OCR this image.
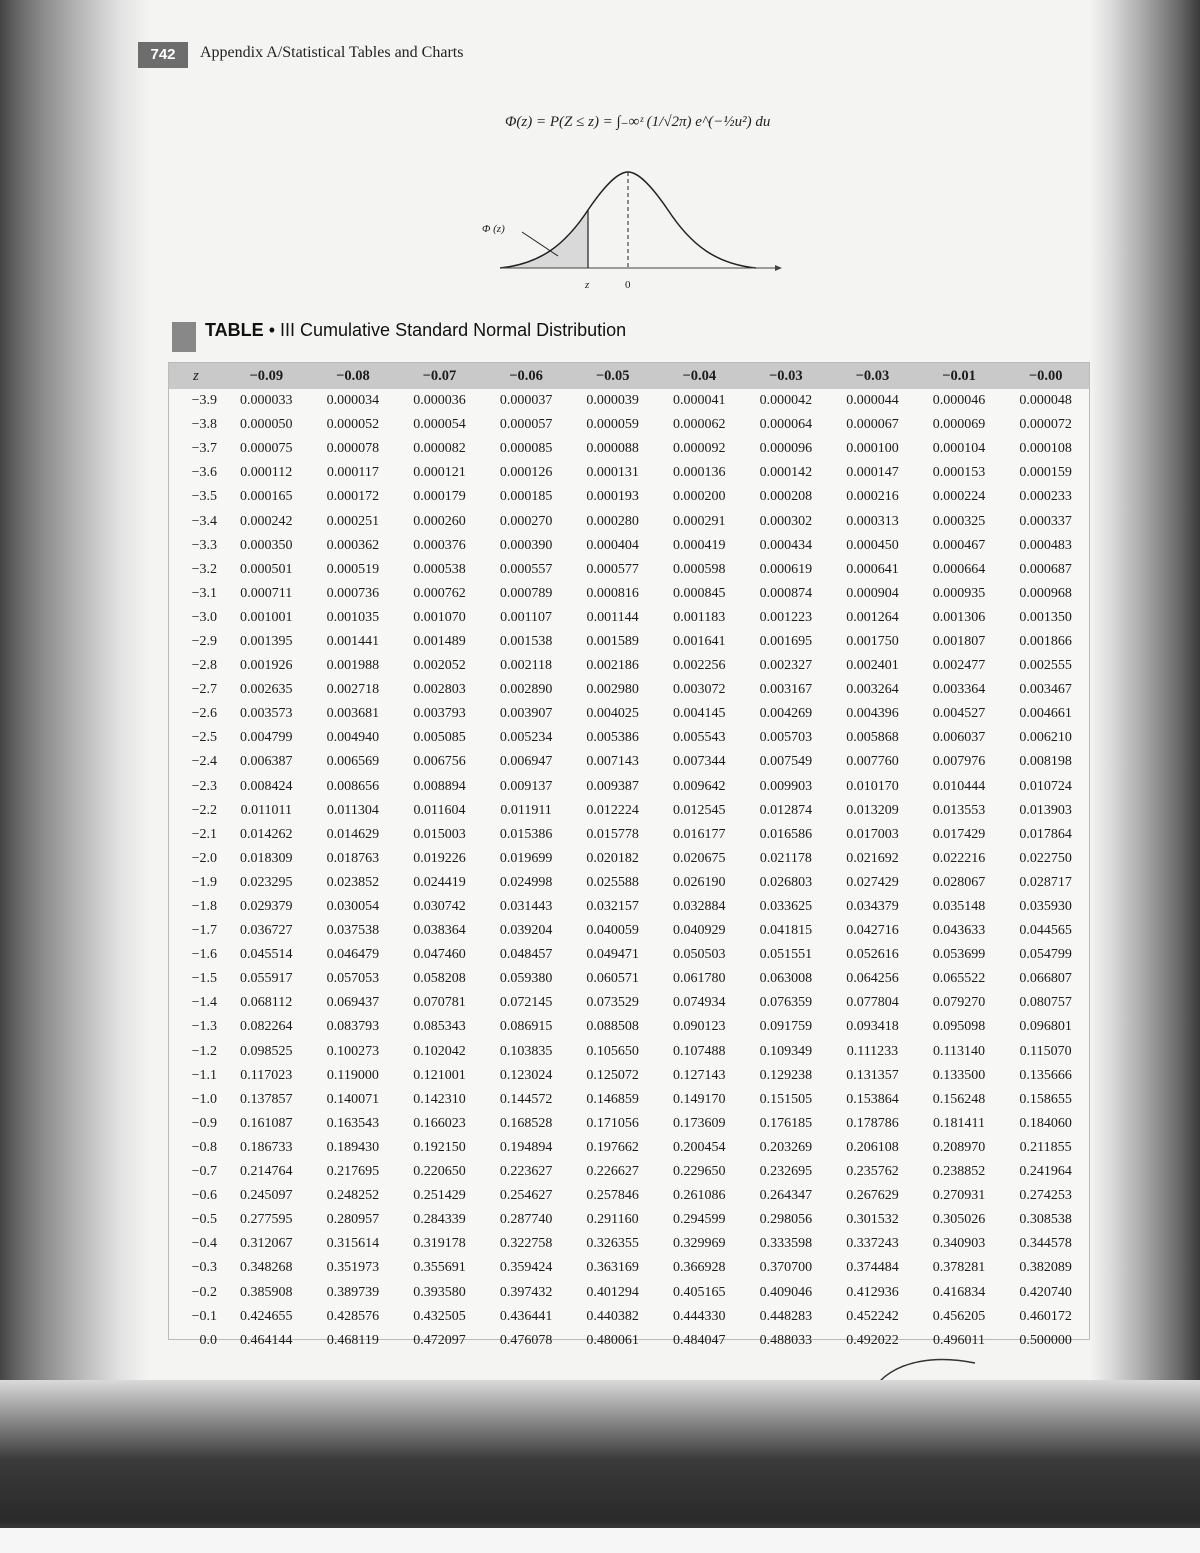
742	Appendix A/Statistical Tables and Charts
Φ(z) = P(Z ≤ z) = ∫₋∞ᶻ (1/√2π) e^(−½u²) du
Φ (z)
z	0
TABLE • III Cumulative Standard Normal Distribution
z	−0.09	−0.08	−0.07	−0.06	−0.05	−0.04	−0.03	−0.03	−0.01	−0.00
−3.9	0.000033	0.000034	0.000036	0.000037	0.000039	0.000041	0.000042	0.000044	0.000046	0.000048
−3.8	0.000050	0.000052	0.000054	0.000057	0.000059	0.000062	0.000064	0.000067	0.000069	0.000072
−3.7	0.000075	0.000078	0.000082	0.000085	0.000088	0.000092	0.000096	0.000100	0.000104	0.000108
−3.6	0.000112	0.000117	0.000121	0.000126	0.000131	0.000136	0.000142	0.000147	0.000153	0.000159
−3.5	0.000165	0.000172	0.000179	0.000185	0.000193	0.000200	0.000208	0.000216	0.000224	0.000233
−3.4	0.000242	0.000251	0.000260	0.000270	0.000280	0.000291	0.000302	0.000313	0.000325	0.000337
−3.3	0.000350	0.000362	0.000376	0.000390	0.000404	0.000419	0.000434	0.000450	0.000467	0.000483
−3.2	0.000501	0.000519	0.000538	0.000557	0.000577	0.000598	0.000619	0.000641	0.000664	0.000687
−3.1	0.000711	0.000736	0.000762	0.000789	0.000816	0.000845	0.000874	0.000904	0.000935	0.000968
−3.0	0.001001	0.001035	0.001070	0.001107	0.001144	0.001183	0.001223	0.001264	0.001306	0.001350
−2.9	0.001395	0.001441	0.001489	0.001538	0.001589	0.001641	0.001695	0.001750	0.001807	0.001866
−2.8	0.001926	0.001988	0.002052	0.002118	0.002186	0.002256	0.002327	0.002401	0.002477	0.002555
−2.7	0.002635	0.002718	0.002803	0.002890	0.002980	0.003072	0.003167	0.003264	0.003364	0.003467
−2.6	0.003573	0.003681	0.003793	0.003907	0.004025	0.004145	0.004269	0.004396	0.004527	0.004661
−2.5	0.004799	0.004940	0.005085	0.005234	0.005386	0.005543	0.005703	0.005868	0.006037	0.006210
−2.4	0.006387	0.006569	0.006756	0.006947	0.007143	0.007344	0.007549	0.007760	0.007976	0.008198
−2.3	0.008424	0.008656	0.008894	0.009137	0.009387	0.009642	0.009903	0.010170	0.010444	0.010724
−2.2	0.011011	0.011304	0.011604	0.011911	0.012224	0.012545	0.012874	0.013209	0.013553	0.013903
−2.1	0.014262	0.014629	0.015003	0.015386	0.015778	0.016177	0.016586	0.017003	0.017429	0.017864
−2.0	0.018309	0.018763	0.019226	0.019699	0.020182	0.020675	0.021178	0.021692	0.022216	0.022750
−1.9	0.023295	0.023852	0.024419	0.024998	0.025588	0.026190	0.026803	0.027429	0.028067	0.028717
−1.8	0.029379	0.030054	0.030742	0.031443	0.032157	0.032884	0.033625	0.034379	0.035148	0.035930
−1.7	0.036727	0.037538	0.038364	0.039204	0.040059	0.040929	0.041815	0.042716	0.043633	0.044565
−1.6	0.045514	0.046479	0.047460	0.048457	0.049471	0.050503	0.051551	0.052616	0.053699	0.054799
−1.5	0.055917	0.057053	0.058208	0.059380	0.060571	0.061780	0.063008	0.064256	0.065522	0.066807
−1.4	0.068112	0.069437	0.070781	0.072145	0.073529	0.074934	0.076359	0.077804	0.079270	0.080757
−1.3	0.082264	0.083793	0.085343	0.086915	0.088508	0.090123	0.091759	0.093418	0.095098	0.096801
−1.2	0.098525	0.100273	0.102042	0.103835	0.105650	0.107488	0.109349	0.111233	0.113140	0.115070
−1.1	0.117023	0.119000	0.121001	0.123024	0.125072	0.127143	0.129238	0.131357	0.133500	0.135666
−1.0	0.137857	0.140071	0.142310	0.144572	0.146859	0.149170	0.151505	0.153864	0.156248	0.158655
−0.9	0.161087	0.163543	0.166023	0.168528	0.171056	0.173609	0.176185	0.178786	0.181411	0.184060
−0.8	0.186733	0.189430	0.192150	0.194894	0.197662	0.200454	0.203269	0.206108	0.208970	0.211855
−0.7	0.214764	0.217695	0.220650	0.223627	0.226627	0.229650	0.232695	0.235762	0.238852	0.241964
−0.6	0.245097	0.248252	0.251429	0.254627	0.257846	0.261086	0.264347	0.267629	0.270931	0.274253
−0.5	0.277595	0.280957	0.284339	0.287740	0.291160	0.294599	0.298056	0.301532	0.305026	0.308538
−0.4	0.312067	0.315614	0.319178	0.322758	0.326355	0.329969	0.333598	0.337243	0.340903	0.344578
−0.3	0.348268	0.351973	0.355691	0.359424	0.363169	0.366928	0.370700	0.374484	0.378281	0.382089
−0.2	0.385908	0.389739	0.393580	0.397432	0.401294	0.405165	0.409046	0.412936	0.416834	0.420740
−0.1	0.424655	0.428576	0.432505	0.436441	0.440382	0.444330	0.448283	0.452242	0.456205	0.460172
0.0	0.464144	0.468119	0.472097	0.476078	0.480061	0.484047	0.488033	0.492022	0.496011	0.500000
